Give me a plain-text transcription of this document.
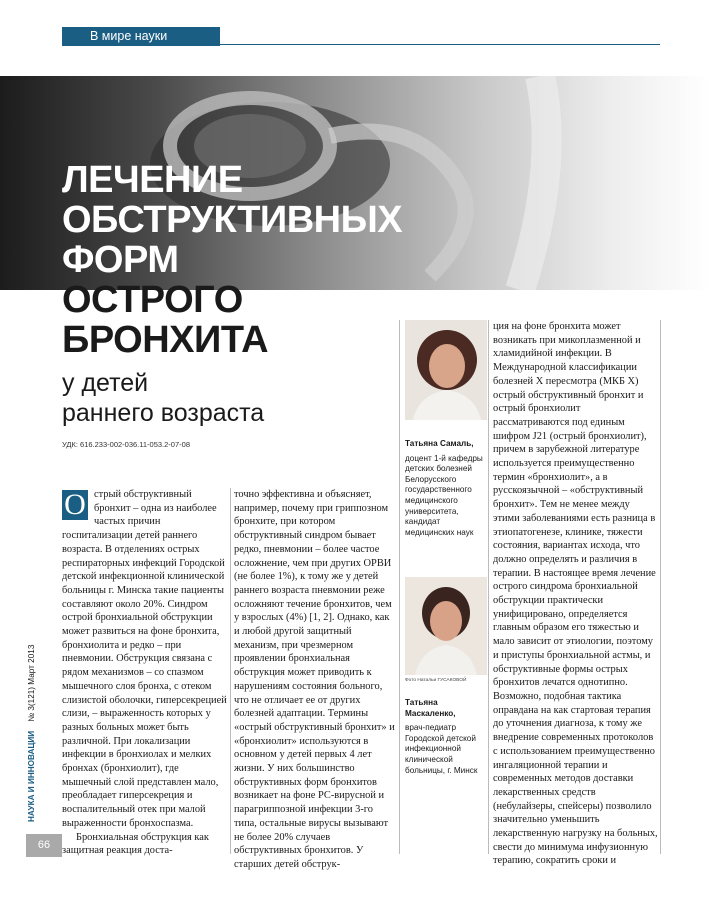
В мире науки
ЛЕЧЕНИЕ
ОБСТРУКТИВНЫХ
ФОРМ
ОСТРОГО
БРОНХИТА
у детей
раннего возраста
УДК: 616.233-002-036.11-053.2-07-08

О стрый обструктивный бронхит – одна из наиболее частых причин госпитализации детей раннего возраста. В отделениях острых респираторных инфекций Городской детской инфекционной клинической больницы г. Минска такие пациенты составляют около 20%. Синдром острой бронхиальной обструкции может развиться на фоне бронхита, бронхиолита и редко – при пневмонии. Обструкция связана с рядом механизмов – со спазмом мышечного слоя бронха, с отеком слизистой оболочки, гиперсекрецией слизи, – выраженность которых у разных больных может быть различной. При локализации инфекции в бронхиолах и мелких бронхах (бронхиолит), где мышечный слой представлен мало, преобладает гиперсекреция и воспалительный отек при малой выраженности бронхоспазма.

Бронхиальная обструкция как защитная реакция доста-

точно эффективна и объясняет, например, почему при гриппозном бронхите, при котором обструктивный синдром бывает редко, пневмонии – более частое осложнение, чем при других ОРВИ (не более 1%), к тому же у детей раннего возраста пневмонии реже осложняют течение бронхитов, чем у взрослых (4%) [1, 2]. Однако, как и любой другой защитный механизм, при чрезмерном проявлении бронхиальная обструкция может приводить к нарушениям состояния больного, что не отличает ее от других болезней адаптации. Термины «острый обструктивный бронхит» и «бронхиолит» используются в основном у детей первых 4 лет жизни. У них большинство обструктивных форм бронхитов возникает на фоне РС-вирусной и парагриппозной инфекции 3-го типа, остальные вирусы вызывают не более 20% случаев обструктивных бронхитов. У старших детей обструк-

Татьяна Самаль,
доцент 1-й кафедры детских болезней Белорусского государственного медицинского университета, кандидат медицинских наук
Фото Натальи ГУСАКОВОЙ
Татьяна Маскаленко,
врач-педиатр Городской детской инфекционной клинической больницы, г. Минск

ция на фоне бронхита может возникать при микоплазменной и хламидийной инфекции. В Международной классификации болезней X пересмотра (МКБ X) острый обструктивный бронхит и острый бронхиолит рассматриваются под единым шифром J21 (острый бронхиолит), причем в зарубежной литературе используется преимущественно термин «бронхиолит», а в русскоязычной – «обструктивный бронхит». Тем не менее между этими заболеваниями есть разница в этиопатогенезе, клинике, тяжести состояния, вариантах исхода, что должно определять и различия в терапии. В настоящее время лечение острого синдрома бронхиальной обструкции практически унифицировано, определяется главным образом его тяжестью и мало зависит от этиологии, поэтому и приступы бронхиальной астмы, и обструктивные формы острых бронхитов лечатся однотипно. Возможно, подобная тактика оправдана на как стартовая терапия до уточнения диагноза, к тому же внедрение современных протоколов с использованием преимущественно ингаляционной терапии и современных методов доставки лекарственных средств (небулайзеры, спейсеры) позволило значительно уменьшить лекарственную нагрузку на больных, свести до минимума инфузионную терапию, сократить сроки и

НАУКА И ИННОВАЦИИ    № 3(121) Март 2013
66
